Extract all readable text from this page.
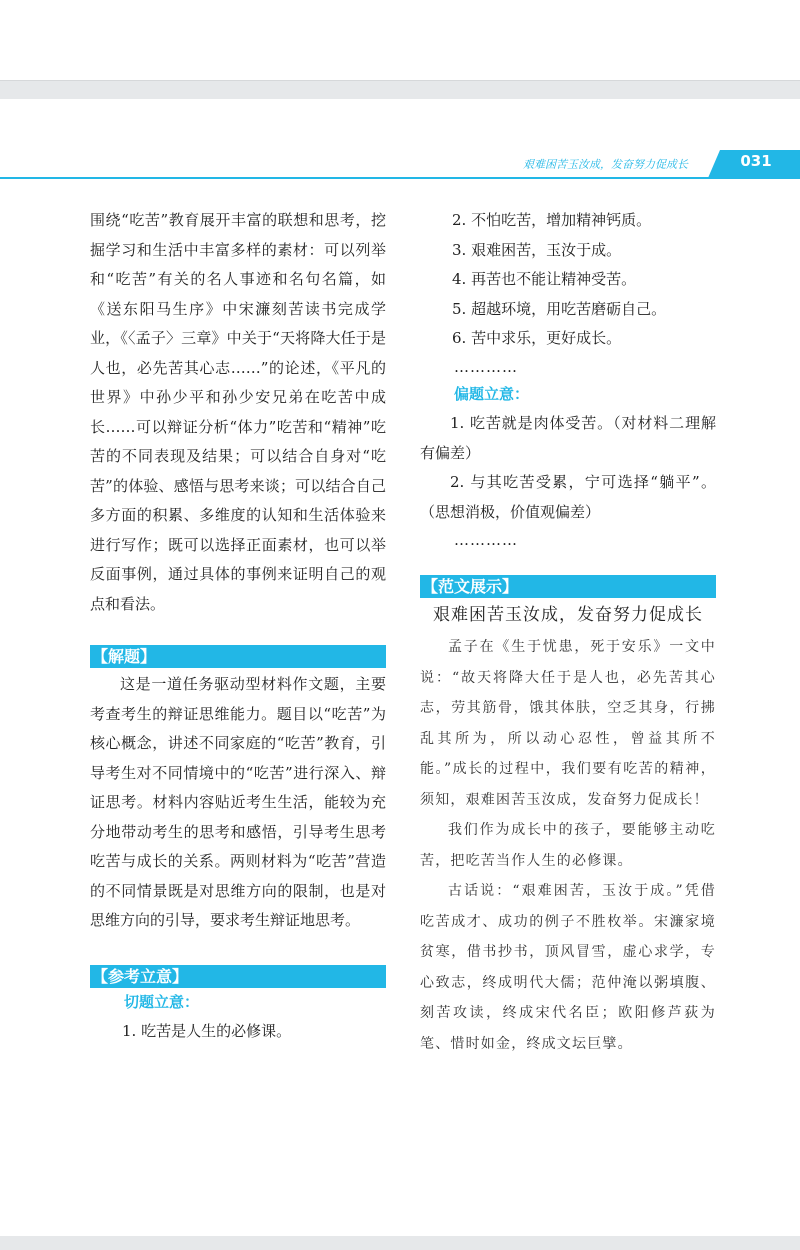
艰难困苦玉汝成，发奋努力促成长	031

围绕“吃苦”教育展开丰富的联想和思考，挖掘学习和生活中丰富多样的素材：可以列举和“吃苦”有关的名人事迹和名句名篇，如《送东阳马生序》中宋濂刻苦读书完成学业，《〈孟子〉三章》中关于“天将降大任于是人也，必先苦其心志……”的论述，《平凡的世界》中孙少平和孙少安兄弟在吃苦中成长……可以辩证分析“体力”吃苦和“精神”吃苦的不同表现及结果；可以结合自身对“吃苦”的体验、感悟与思考来谈；可以结合自己多方面的积累、多维度的认知和生活体验来进行写作；既可以选择正面素材，也可以举反面事例，通过具体的事例来证明自己的观点和看法。

【解题】

这是一道任务驱动型材料作文题，主要考查考生的辩证思维能力。题目以“吃苦”为核心概念，讲述不同家庭的“吃苦”教育，引导考生对不同情境中的“吃苦”进行深入、辩证思考。材料内容贴近考生生活，能较为充分地带动考生的思考和感悟，引导考生思考吃苦与成长的关系。两则材料为“吃苦”营造的不同情景既是对思维方向的限制，也是对思维方向的引导，要求考生辩证地思考。

【参考立意】

切题立意：

1. 吃苦是人生的必修课。

2. 不怕吃苦，增加精神钙质。

3. 艰难困苦，玉汝于成。

4. 再苦也不能让精神受苦。

5. 超越环境，用吃苦磨砺自己。

6. 苦中求乐，更好成长。

…………

偏题立意：

1. 吃苦就是肉体受苦。（对材料二理解有偏差）

2. 与其吃苦受累，宁可选择“躺平”。（思想消极，价值观偏差）

…………

【范文展示】

艰难困苦玉汝成，发奋努力促成长

孟子在《生于忧患，死于安乐》一文中说：“故天将降大任于是人也，必先苦其心志，劳其筋骨，饿其体肤，空乏其身，行拂乱其所为，所以动心忍性，曾益其所不能。”成长的过程中，我们要有吃苦的精神，须知，艰难困苦玉汝成，发奋努力促成长！

我们作为成长中的孩子，要能够主动吃苦，把吃苦当作人生的必修课。

古话说：“艰难困苦，玉汝于成。”凭借吃苦成才、成功的例子不胜枚举。宋濂家境贫寒，借书抄书，顶风冒雪，虚心求学，专心致志，终成明代大儒；范仲淹以粥填腹、刻苦攻读，终成宋代名臣；欧阳修芦荻为笔、惜时如金，终成文坛巨擘。
